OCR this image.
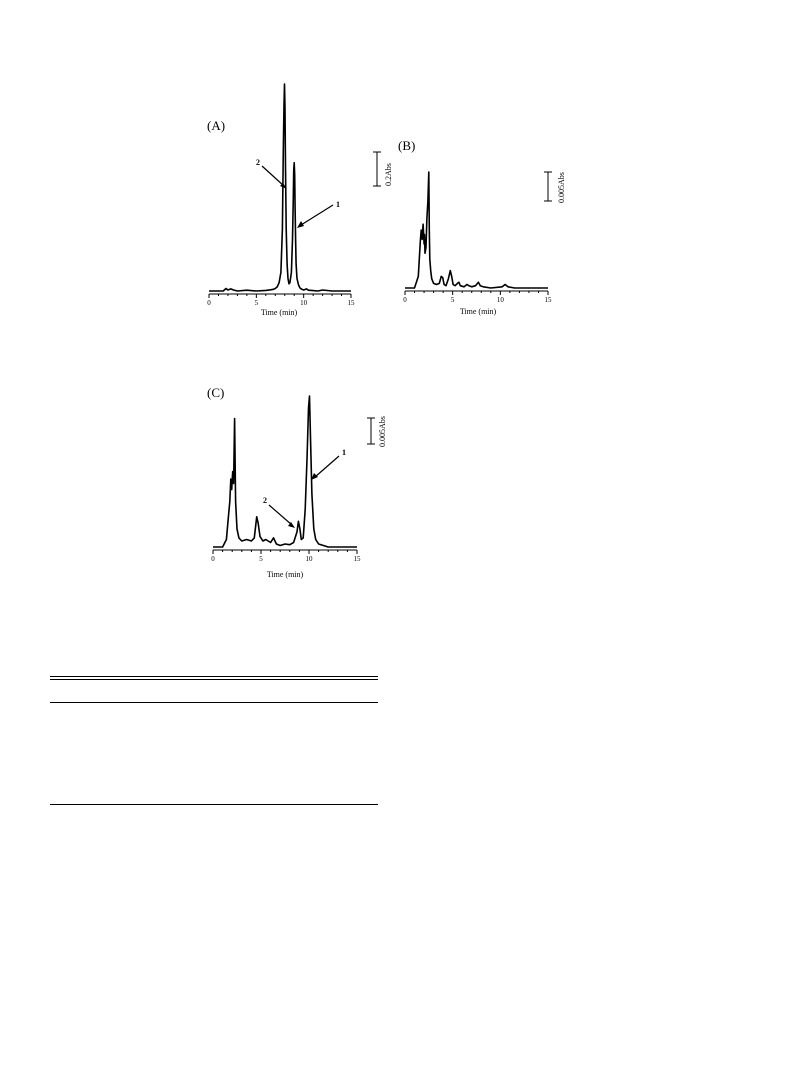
(A)
0.2Abs
Time (min)
2
1
0	5	10	15
(B)
0.005Abs
Time (min)
0	5	10	15
(C)
0.005Abs
Time (min)
2
1
0	5	10	15
